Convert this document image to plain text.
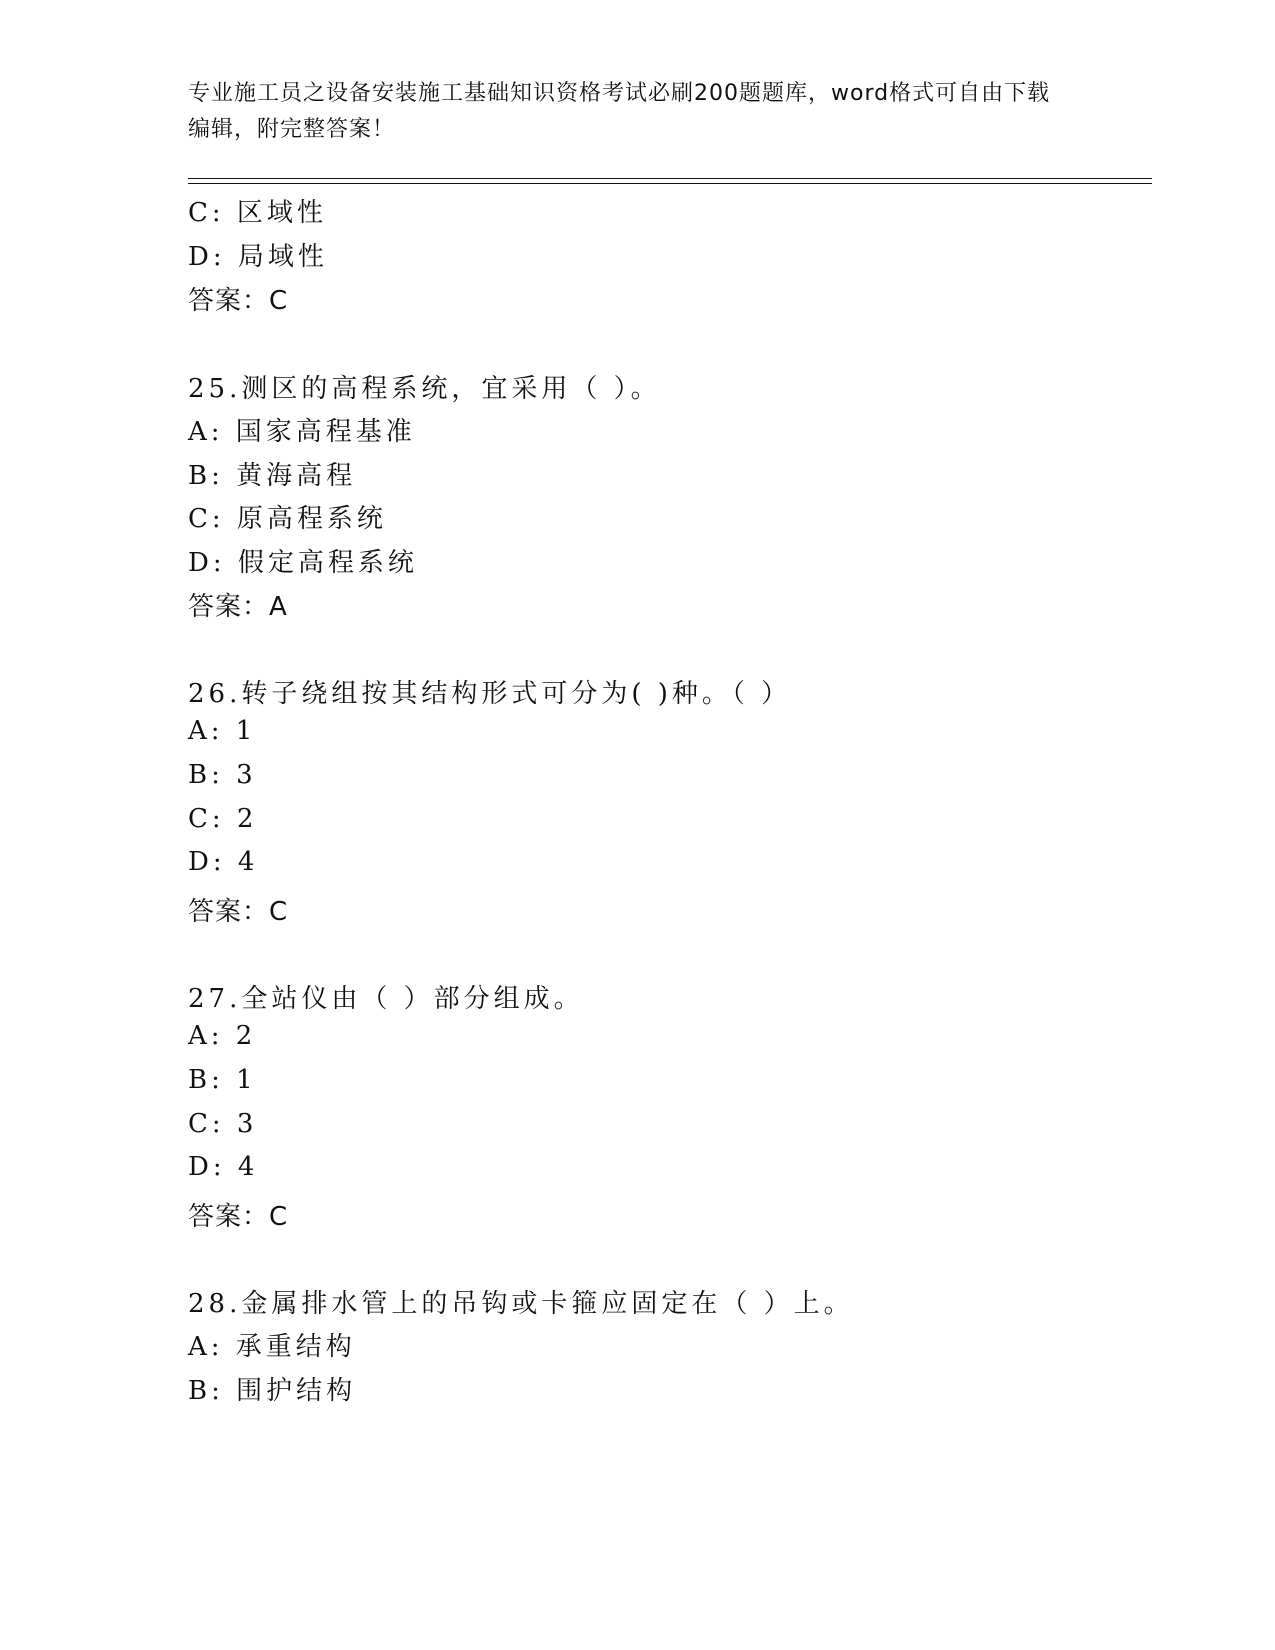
专业施工员之设备安装施工基础知识资格考试必刷200题题库，word格式可自由下载编辑，附完整答案！
C: 区域性
D: 局域性
答案：C
25.测区的高程系统，宜采用（ ）。
A: 国家高程基准
B: 黄海高程
C: 原高程系统
D: 假定高程系统
答案：A
26.转子绕组按其结构形式可分为( )种。（ ）
A: 1
B: 3
C: 2
D: 4
答案：C
27.全站仪由（ ）部分组成。
A: 2
B: 1
C: 3
D: 4
答案：C
28.金属排水管上的吊钩或卡箍应固定在（ ）上。
A: 承重结构
B: 围护结构
